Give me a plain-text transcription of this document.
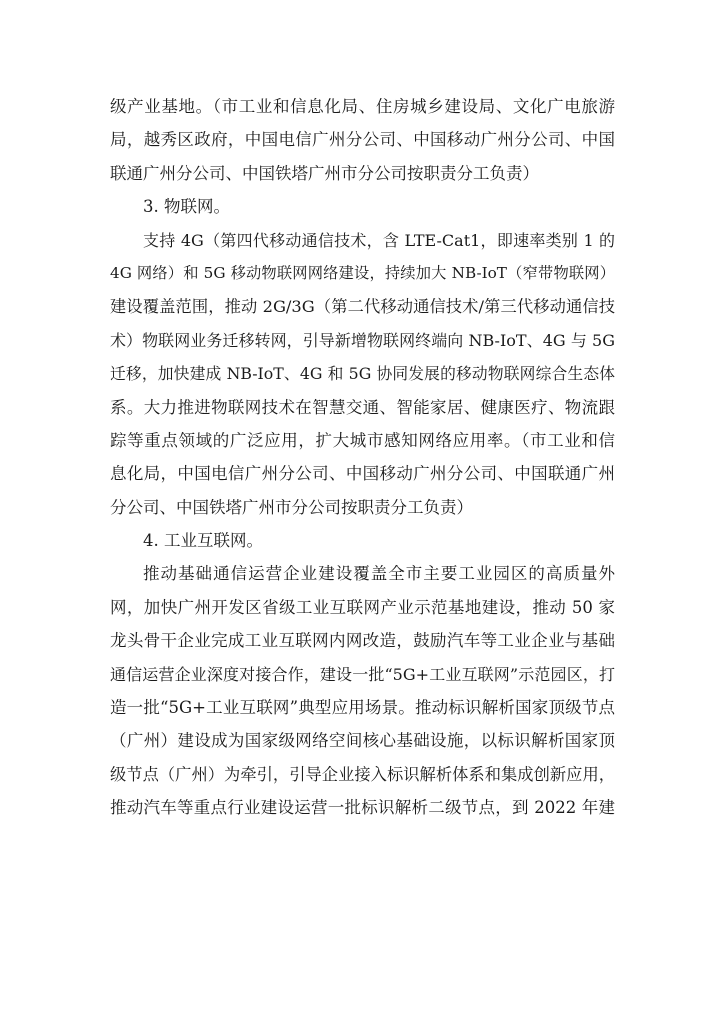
级产业基地。（市工业和信息化局、住房城乡建设局、文化广电旅游
局，越秀区政府，中国电信广州分公司、中国移动广州分公司、中国
联通广州分公司、中国铁塔广州市分公司按职责分工负责）
3. 物联网。
支持 4G（第四代移动通信技术，含 LTE-Cat1，即速率类别 1 的
4G 网络）和 5G 移动物联网网络建设，持续加大 NB-IoT（窄带物联网）
建设覆盖范围，推动 2G/3G（第二代移动通信技术/第三代移动通信技
术）物联网业务迁移转网，引导新增物联网终端向 NB-IoT、4G 与 5G
迁移，加快建成 NB-IoT、4G 和 5G 协同发展的移动物联网综合生态体
系。大力推进物联网技术在智慧交通、智能家居、健康医疗、物流跟
踪等重点领域的广泛应用，扩大城市感知网络应用率。（市工业和信
息化局，中国电信广州分公司、中国移动广州分公司、中国联通广州
分公司、中国铁塔广州市分公司按职责分工负责）
4. 工业互联网。
推动基础通信运营企业建设覆盖全市主要工业园区的高质量外
网，加快广州开发区省级工业互联网产业示范基地建设，推动 50 家
龙头骨干企业完成工业互联网内网改造，鼓励汽车等工业企业与基础
通信运营企业深度对接合作，建设一批“5G+工业互联网”示范园区，打
造一批“5G+工业互联网”典型应用场景。推动标识解析国家顶级节点
（广州）建设成为国家级网络空间核心基础设施，以标识解析国家顶
级节点（广州）为牵引，引导企业接入标识解析体系和集成创新应用，
推动汽车等重点行业建设运营一批标识解析二级节点，到 2022 年建
